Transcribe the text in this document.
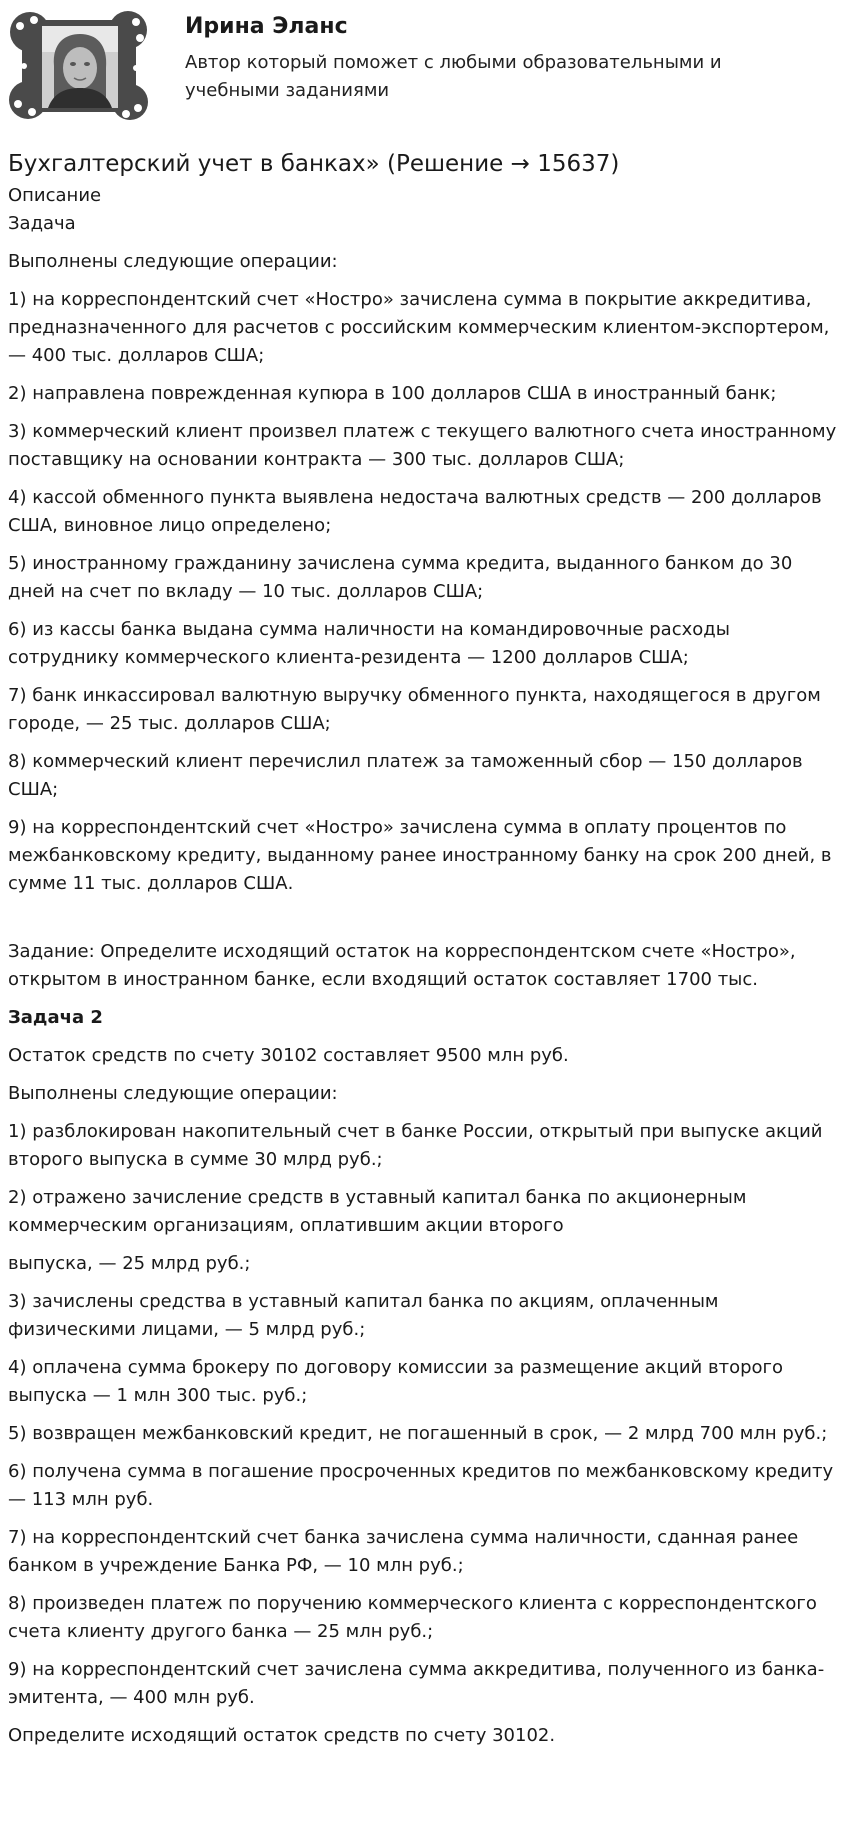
Ирина Эланс

Автор который поможет с любыми образовательными и учебными заданиями

Бухгалтерский учет в банках» (Решение → 15637)

Описание

Задача

Выполнены следующие операции:

1) на корреспондентский счет «Ностро» зачислена сумма в покрытие аккредитива, предназначенного для расчетов с российским коммерческим клиентом-экспортером, — 400 тыс. долларов США;

2) направлена поврежденная купюра в 100 долларов США в иностранный банк;

3) коммерческий клиент произвел платеж с текущего валютного счета иностранному поставщику на основании контракта — 300 тыс. долларов США;

4) кассой обменного пункта выявлена недостача валютных средств — 200 долларов США, виновное лицо определено;

5) иностранному гражданину зачислена сумма кредита, выданного банком до 30 дней на счет по вкладу — 10 тыс. долларов США;

6) из кассы банка выдана сумма наличности на командировочные расходы сотруднику коммерческого клиента-резидента — 1200 долларов США;

7) банк инкассировал валютную выручку обменного пункта, находящегося в другом городе, — 25 тыс. долларов США;

8) коммерческий клиент перечислил платеж за таможенный сбор — 150 долларов США;

9) на корреспондентский счет «Ностро» зачислена сумма в оплату процентов по межбанковскому кредиту, выданному ранее иностранному банку на срок 200 дней, в сумме 11 тыс. долларов США.

Задание: Определите исходящий остаток на корреспондентском счете «Ностро», открытом в иностранном банке, если входящий остаток составляет 1700 тыс.

Задача 2

Остаток средств по счету 30102 составляет 9500 млн руб.

Выполнены следующие операции:

1) разблокирован накопительный счет в банке России, открытый при выпуске акций второго выпуска в сумме 30 млрд руб.;

2) отражено зачисление средств в уставный капитал банка по акционерным коммерческим организациям, оплатившим акции второго

выпуска, — 25 млрд руб.;

3) зачислены средства в уставный капитал банка по акциям, оплаченным физическими лицами, — 5 млрд руб.;

4) оплачена сумма брокеру по договору комиссии за размещение акций второго выпуска — 1 млн 300 тыс. руб.;

5) возвращен межбанковский кредит, не погашенный в срок, — 2 млрд 700 млн руб.;

6) получена сумма в погашение просроченных кредитов по межбанковскому кредиту — 113 млн руб.

7) на корреспондентский счет банка зачислена сумма наличности, сданная ранее банком в учреждение Банка РФ, — 10 млн руб.;

8) произведен платеж по поручению коммерческого клиента с корреспондентского счета клиенту другого банка — 25 млн руб.;

9) на корреспондентский счет зачислена сумма аккредитива, полученного из банка-эмитента, — 400 млн руб.

Определите исходящий остаток средств по счету 30102.
